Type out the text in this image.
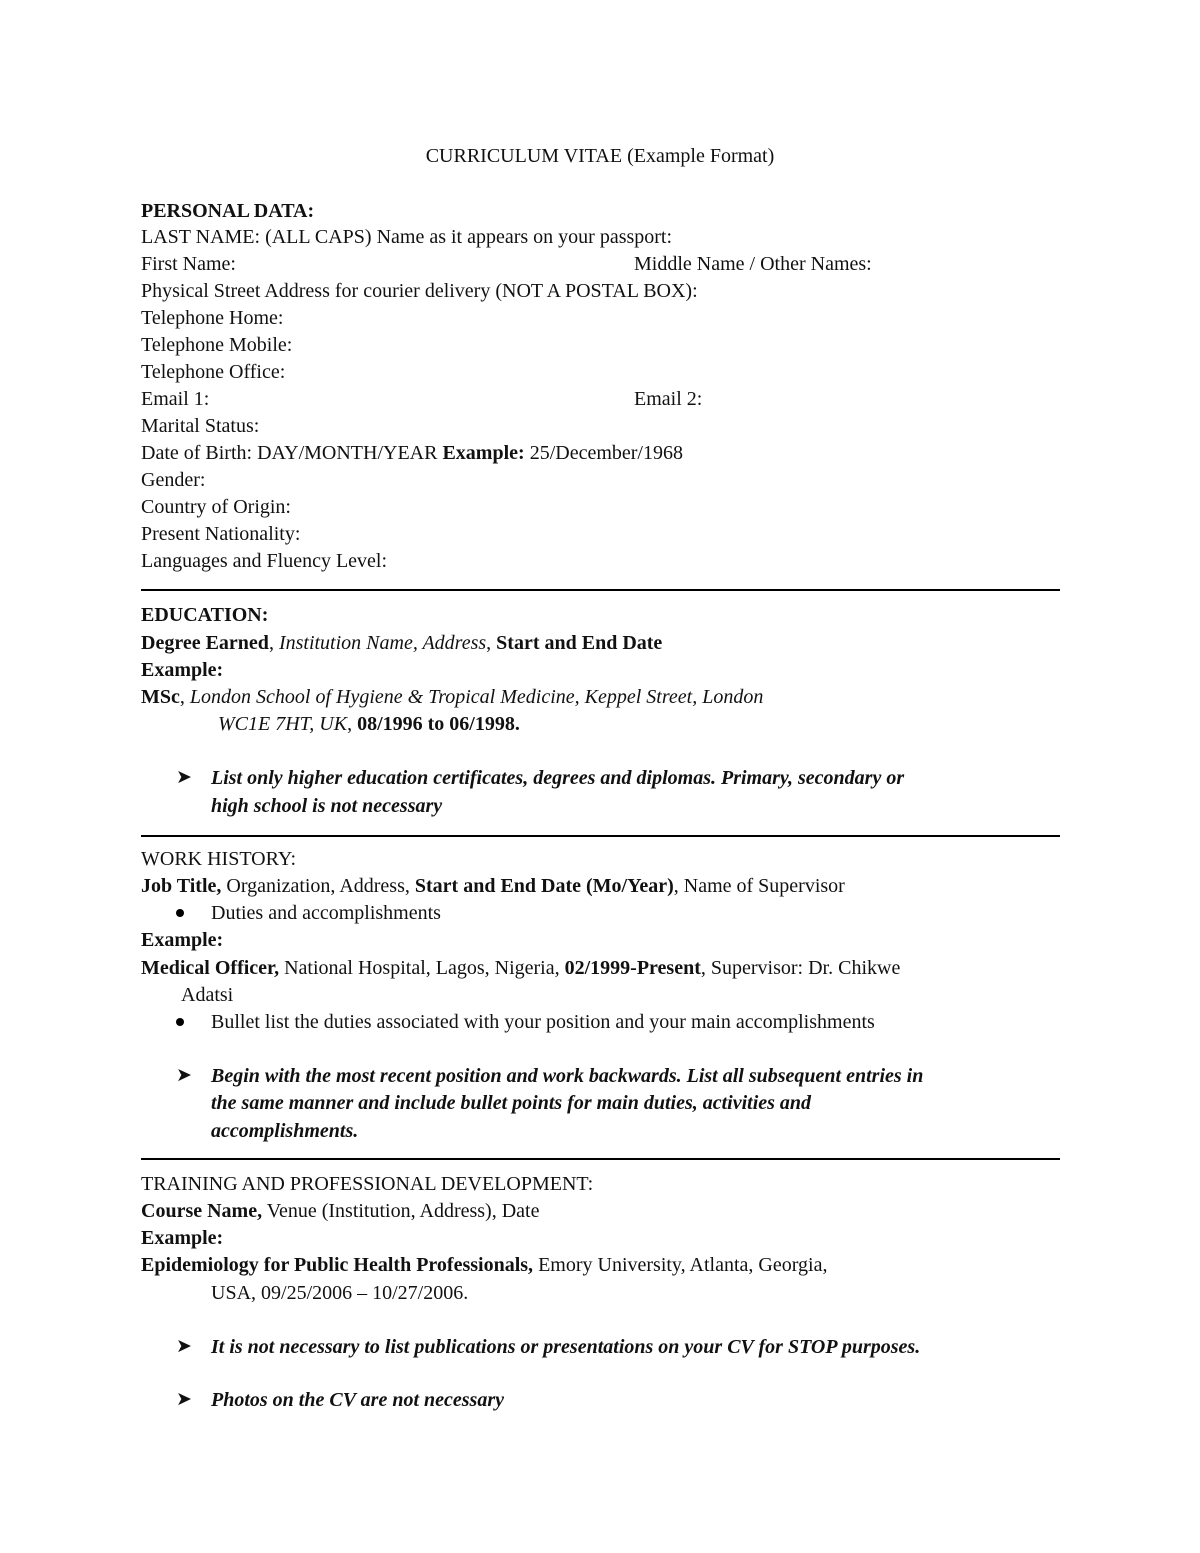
CURRICULUM VITAE (Example Format)
PERSONAL DATA:
LAST NAME: (ALL CAPS) Name as it appears on your passport:
First Name:	Middle Name / Other Names:
Physical Street Address for courier delivery (NOT A POSTAL BOX):
Telephone Home:
Telephone Mobile:
Telephone Office:
Email 1:	Email 2:
Marital Status:
Date of Birth: DAY/MONTH/YEAR Example: 25/December/1968
Gender:
Country of Origin:
Present Nationality:
Languages and Fluency Level:
EDUCATION:
Degree Earned, Institution Name, Address, Start and End Date
Example:
MSc, London School of Hygiene & Tropical Medicine, Keppel Street, London
WC1E 7HT, UK, 08/1996 to 06/1998.
➤ List only higher education certificates, degrees and diplomas. Primary, secondary or
high school is not necessary
WORK HISTORY:
Job Title, Organization, Address, Start and End Date (Mo/Year), Name of Supervisor
Duties and accomplishments
Example:
Medical Officer, National Hospital, Lagos, Nigeria, 02/1999-Present, Supervisor: Dr. Chikwe
Adatsi
Bullet list the duties associated with your position and your main accomplishments
➤ Begin with the most recent position and work backwards. List all subsequent entries in
the same manner and include bullet points for main duties, activities and
accomplishments.
TRAINING AND PROFESSIONAL DEVELOPMENT:
Course Name, Venue (Institution, Address), Date
Example:
Epidemiology for Public Health Professionals, Emory University, Atlanta, Georgia,
USA, 09/25/2006 – 10/27/2006.
➤ It is not necessary to list publications or presentations on your CV for STOP purposes.
➤ Photos on the CV are not necessary
